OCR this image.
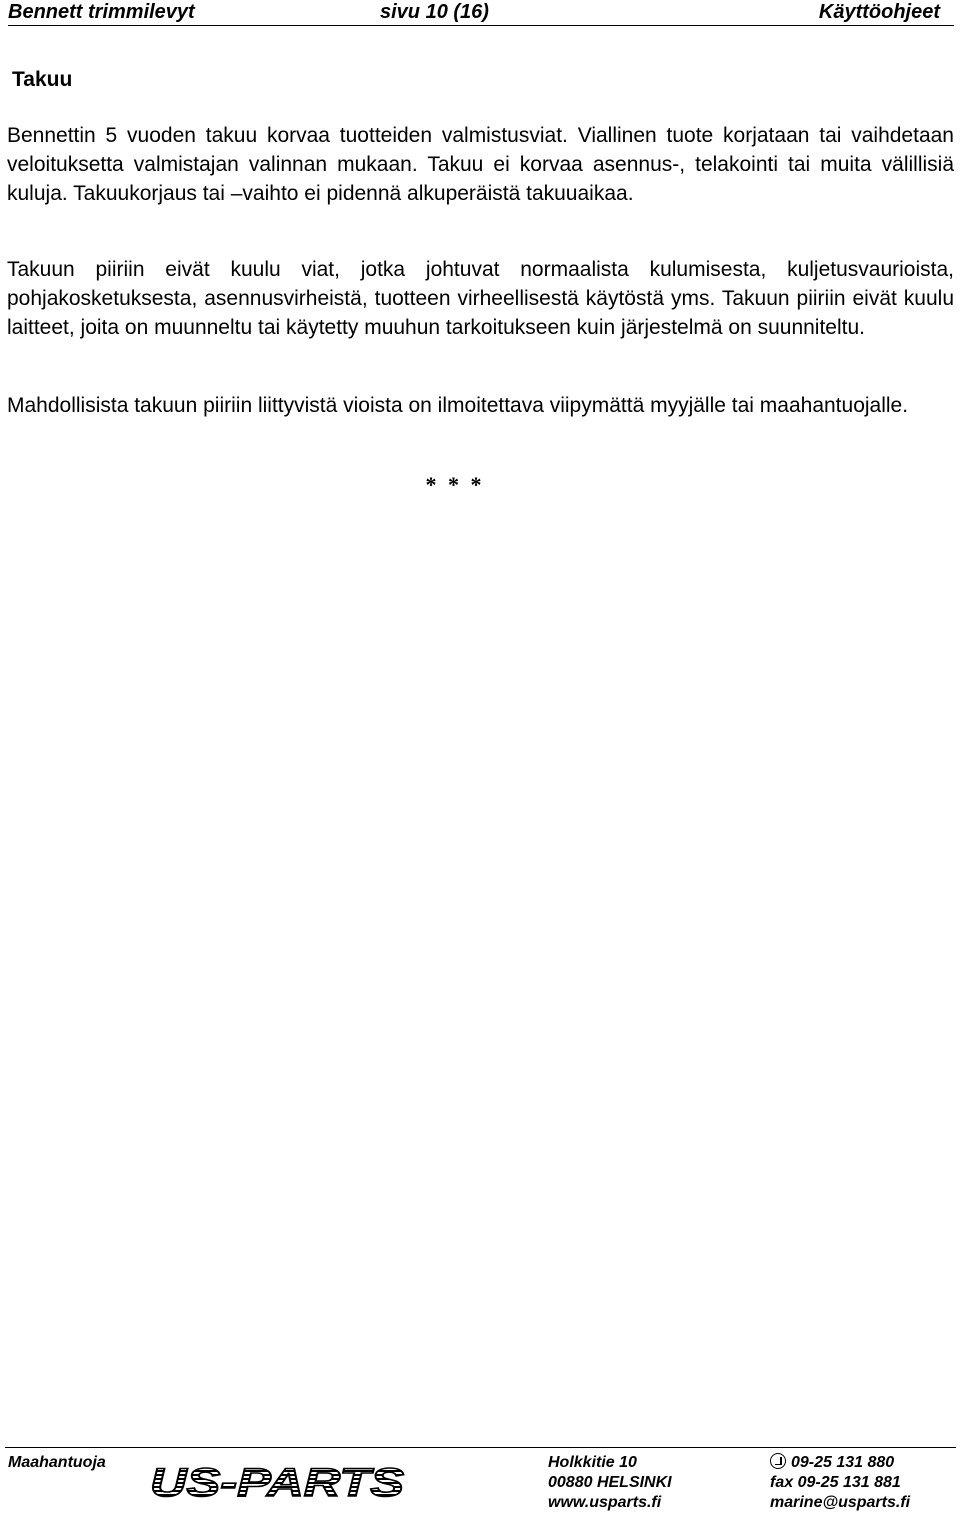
Bennett trimmilevyt	sivu 10 (16)	Käyttöohjeet
Takuu

Bennettin 5 vuoden takuu korvaa tuotteiden valmistusviat. Viallinen tuote korjataan tai vaihdetaan veloituksetta valmistajan valinnan mukaan. Takuu ei korvaa asennus-, telakointi tai muita välillisiä kuluja. Takuukorjaus tai –vaihto ei pidennä alkuperäistä takuuaikaa.

Takuun piiriin eivät kuulu viat, jotka johtuvat normaalista kulumisesta, kuljetusvaurioista, pohjakosketuksesta, asennusvirheistä, tuotteen virheellisestä käytöstä yms. Takuun piiriin eivät kuulu laitteet, joita on muunneltu tai käytetty muuhun tarkoitukseen kuin järjestelmä on suunniteltu.

Mahdollisista takuun piiriin liittyvistä vioista on ilmoitettava viipymättä myyjälle tai maahantuojalle.

* * *
Maahantuoja US-PARTS	Holkkitie 10
00880 HELSINKI
www.usparts.fi
09-25 131 880
fax 09-25 131 881
marine@usparts.fi
